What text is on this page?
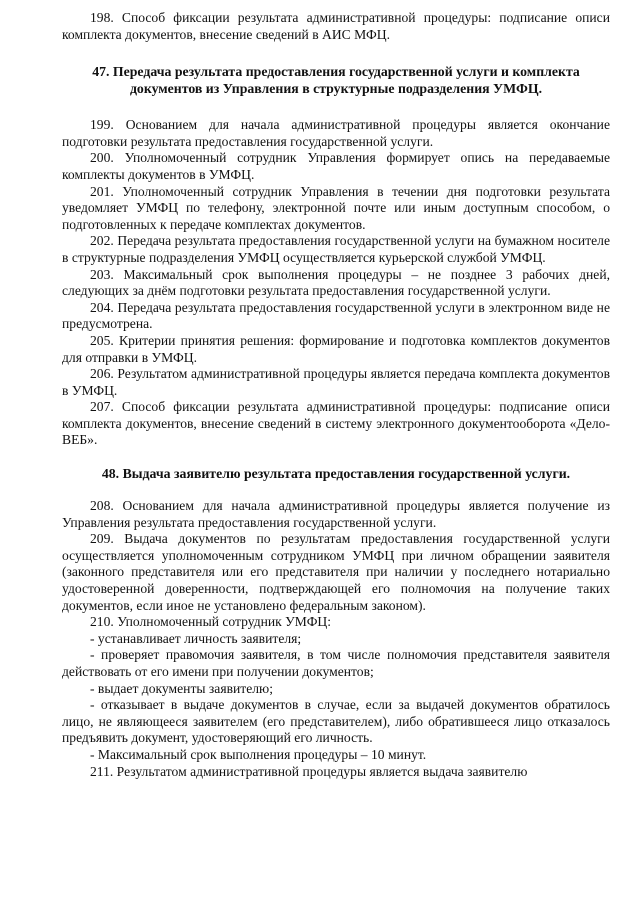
198. Способ фиксации результата административной процедуры: подписание описи комплекта документов, внесение сведений в АИС МФЦ.

47. Передача результата предоставления государственной услуги и комплекта документов из Управления в структурные подразделения УМФЦ.

199. Основанием для начала административной процедуры является окончание подготовки результата предоставления государственной услуги.

200. Уполномоченный сотрудник Управления формирует опись на передаваемые комплекты документов в УМФЦ.

201. Уполномоченный сотрудник Управления в течении дня подготовки результата уведомляет УМФЦ по телефону, электронной почте или иным доступным способом, о подготовленных к передаче комплектах документов.

202. Передача результата предоставления государственной услуги на бумажном носителе в структурные подразделения УМФЦ осуществляется курьерской службой УМФЦ.

203. Максимальный срок выполнения процедуры – не позднее 3 рабочих дней, следующих за днём подготовки результата предоставления государственной услуги.

204. Передача результата предоставления государственной услуги в электронном виде не предусмотрена.

205. Критерии принятия решения: формирование и подготовка комплектов документов для отправки в УМФЦ.

206. Результатом административной процедуры является передача комплекта документов в УМФЦ.

207. Способ фиксации результата административной процедуры: подписание описи комплекта документов, внесение сведений в систему электронного документооборота «Дело-ВЕБ».

48. Выдача заявителю результата предоставления государственной услуги.

208. Основанием для начала административной процедуры является получение из Управления результата предоставления государственной услуги.

209. Выдача документов по результатам предоставления государственной услуги осуществляется уполномоченным сотрудником УМФЦ при личном обращении заявителя (законного представителя или его представителя при наличии у последнего нотариально удостоверенной доверенности, подтверждающей его полномочия на получение таких документов, если иное не установлено федеральным законом).

210. Уполномоченный сотрудник УМФЦ:

- устанавливает личность заявителя;

- проверяет правомочия заявителя, в том числе полномочия представителя заявителя действовать от его имени при получении документов;

- выдает документы заявителю;

- отказывает в выдаче документов в случае, если за выдачей документов обратилось лицо, не являющееся заявителем (его представителем), либо обратившееся лицо отказалось предъявить документ, удостоверяющий его личность.

- Максимальный срок выполнения процедуры – 10 минут.

211. Результатом административной процедуры является выдача заявителю
